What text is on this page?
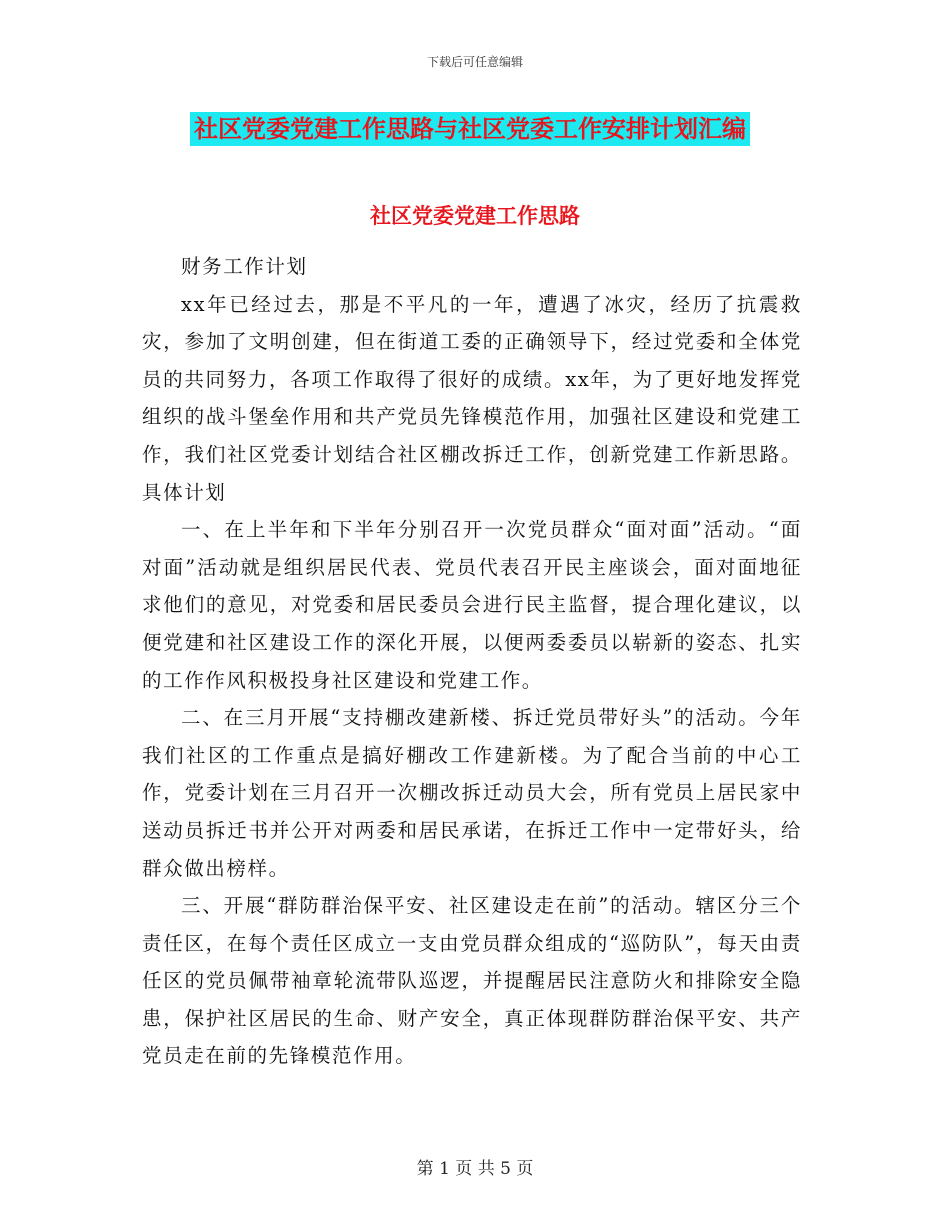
下载后可任意编辑
社区党委党建工作思路与社区党委工作安排计划汇编
社区党委党建工作思路

财务工作计划

xx年已经过去，那是不平凡的一年，遭遇了冰灾，经历了抗震救灾，参加了文明创建，但在街道工委的正确领导下，经过党委和全体党员的共同努力，各项工作取得了很好的成绩。xx年，为了更好地发挥党组织的战斗堡垒作用和共产党员先锋模范作用，加强社区建设和党建工作，我们社区党委计划结合社区棚改拆迁工作，创新党建工作新思路。具体计划

一、在上半年和下半年分别召开一次党员群众“面对面”活动。“面对面”活动就是组织居民代表、党员代表召开民主座谈会，面对面地征求他们的意见，对党委和居民委员会进行民主监督，提合理化建议，以便党建和社区建设工作的深化开展，以便两委委员以崭新的姿态、扎实的工作作风积极投身社区建设和党建工作。

二、在三月开展“支持棚改建新楼、拆迁党员带好头”的活动。今年我们社区的工作重点是搞好棚改工作建新楼。为了配合当前的中心工作，党委计划在三月召开一次棚改拆迁动员大会，所有党员上居民家中送动员拆迁书并公开对两委和居民承诺，在拆迁工作中一定带好头，给群众做出榜样。

三、开展“群防群治保平安、社区建设走在前”的活动。辖区分三个责任区，在每个责任区成立一支由党员群众组成的“巡防队”，每天由责任区的党员佩带袖章轮流带队巡逻，并提醒居民注意防火和排除安全隐患，保护社区居民的生命、财产安全，真正体现群防群治保平安、共产党员走在前的先锋模范作用。

第 1 页 共 5 页
